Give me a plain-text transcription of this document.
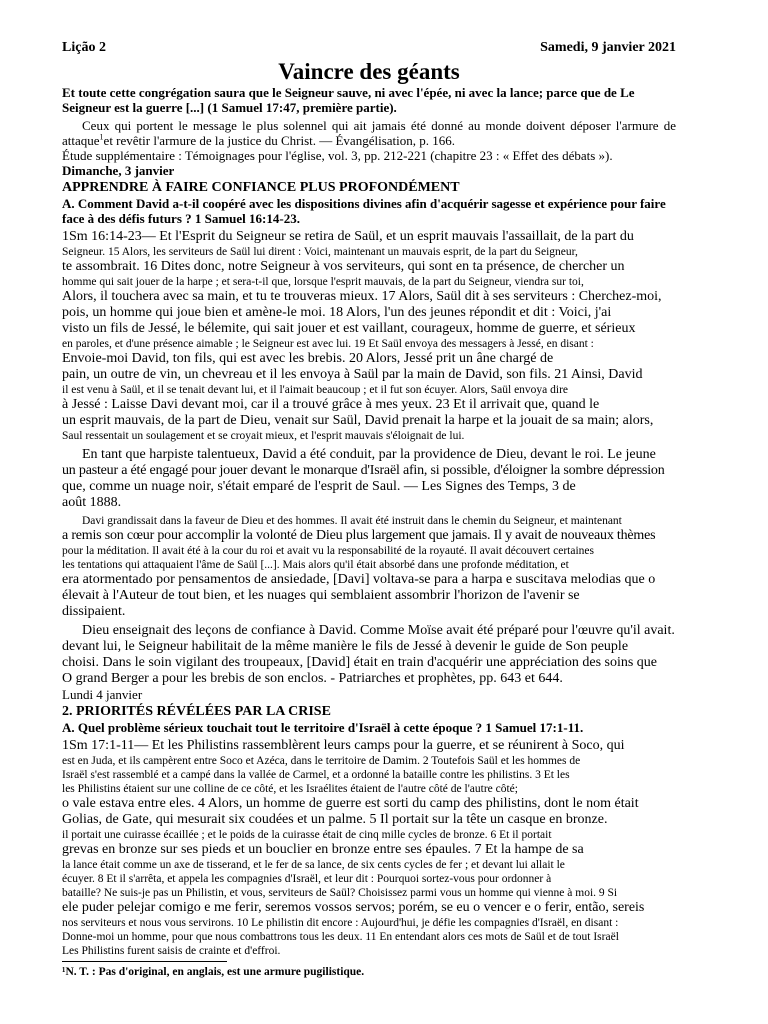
Lição 2	Samedi, 9 janvier 2021
Vaincre des géants

Et toute cette congrégation saura que le Seigneur sauve, ni avec l'épée, ni avec la lance; parce que de Le Seigneur est la guerre [...] (1 Samuel 17:47, première partie).

Ceux qui portent le message le plus solennel qui ait jamais été donné au monde doivent déposer l'armure de attaque$^1$et revêtir l'armure de la justice du Christ. — Évangélisation, p. 166.

Étude supplémentaire : Témoignages pour l'église, vol. 3, pp. 212-221 (chapitre 23 : « Effet des débats »).

Dimanche, 3 janvier
APPRENDRE À FAIRE CONFIANCE PLUS PROFONDÉMENT

A. Comment David a-t-il coopéré avec les dispositions divines afin d'acquérir sagesse et expérience pour faire face à des défis futurs ? 1 Samuel 16:14-23.

1Sm 16:14-23— Et l'Esprit du Seigneur se retira de Saül, et un esprit mauvais l'assaillait, de la part du
Seigneur. 15 Alors, les serviteurs de Saül lui dirent : Voici, maintenant un mauvais esprit, de la part du Seigneur,
te assombrait. 16 Dites donc, notre Seigneur à vos serviteurs, qui sont en ta présence, de chercher un
homme qui sait jouer de la harpe ; et sera-t-il que, lorsque l'esprit mauvais, de la part du Seigneur, viendra sur toi,
Alors, il touchera avec sa main, et tu te trouveras mieux. 17 Alors, Saül dit à ses serviteurs : Cherchez-moi,
pois, un homme qui joue bien et amène-le moi. 18 Alors, l'un des jeunes répondit et dit : Voici, j'ai
visto un fils de Jessé, le bélemite, qui sait jouer et est vaillant, courageux, homme de guerre, et sérieux
en paroles, et d'une présence aimable ; le Seigneur est avec lui. 19 Et Saül envoya des messagers à Jessé, en disant :
Envoie-moi David, ton fils, qui est avec les brebis. 20 Alors, Jessé prit un âne chargé de
pain, un outre de vin, un chevreau et il les envoya à Saül par la main de David, son fils. 21 Ainsi, David
il est venu à Saül, et il se tenait devant lui, et il l'aimait beaucoup ; et il fut son écuyer. Alors, Saül envoya dire
à Jessé : Laisse Davi devant moi, car il a trouvé grâce à mes yeux. 23 Et il arrivait que, quand le
un esprit mauvais, de la part de Dieu, venait sur Saül, David prenait la harpe et la jouait de sa main; alors,
Saul ressentait un soulagement et se croyait mieux, et l'esprit mauvais s'éloignait de lui.
En tant que harpiste talentueux, David a été conduit, par la providence de Dieu, devant le roi. Le jeune
un pasteur a été engagé pour jouer devant le monarque d'Israël afin, si possible, d'éloigner la sombre dépression
que, comme un nuage noir, s'était emparé de l'esprit de Saul. — Les Signes des Temps, 3 de
août 1888.
Davi grandissait dans la faveur de Dieu et des hommes. Il avait été instruit dans le chemin du Seigneur, et maintenant
a remis son cœur pour accomplir la volonté de Dieu plus largement que jamais. Il y avait de nouveaux thèmes
pour la méditation. Il avait été à la cour du roi et avait vu la responsabilité de la royauté. Il avait découvert certaines
les tentations qui attaquaient l'âme de Saül [...]. Mais alors qu'il était absorbé dans une profonde méditation, et
era atormentado por pensamentos de ansiedade, [Davi] voltava-se para a harpa e suscitava melodias que o
élevait à l'Auteur de tout bien, et les nuages qui semblaient assombrir l'horizon de l'avenir se
dissipaient.
Dieu enseignait des leçons de confiance à David. Comme Moïse avait été préparé pour l'œuvre qu'il avait.
devant lui, le Seigneur habilitait de la même manière le fils de Jessé à devenir le guide de Son peuple
choisi. Dans le soin vigilant des troupeaux, [David] était en train d'acquérir une appréciation des soins que
O grand Berger a pour les brebis de son enclos. - Patriarches et prophètes, pp. 643 et 644.
Lundi 4 janvier
2. PRIORITÉS RÉVÉLÉES PAR LA CRISE

A. Quel problème sérieux touchait tout le territoire d'Israël à cette époque ? 1 Samuel 17:1-11.

1Sm 17:1-11— Et les Philistins rassemblèrent leurs camps pour la guerre, et se réunirent à Soco, qui
est en Juda, et ils campèrent entre Soco et Azéca, dans le territoire de Damim. 2 Toutefois Saül et les hommes de
Israël s'est rassemblé et a campé dans la vallée de Carmel, et a ordonné la bataille contre les philistins. 3 Et les
les Philistins étaient sur une colline de ce côté, et les Israélites étaient de l'autre côté de l'autre côté;
o vale estava entre eles. 4 Alors, un homme de guerre est sorti du camp des philistins, dont le nom était
Golias, de Gate, qui mesurait six coudées et un palme. 5 Il portait sur la tête un casque en bronze.
il portait une cuirasse écaillée ; et le poids de la cuirasse était de cinq mille cycles de bronze. 6 Et il portait
grevas en bronze sur ses pieds et un bouclier en bronze entre ses épaules. 7 Et la hampe de sa
la lance était comme un axe de tisserand, et le fer de sa lance, de six cents cycles de fer ; et devant lui allait le
écuyer. 8 Et il s'arrêta, et appela les compagnies d'Israël, et leur dit : Pourquoi sortez-vous pour ordonner à
bataille? Ne suis-je pas un Philistin, et vous, serviteurs de Saül? Choisissez parmi vous un homme qui vienne à moi. 9 Si
ele puder pelejar comigo e me ferir, seremos vossos servos; porém, se eu o vencer e o ferir, então, sereis
nos serviteurs et nous vous servirons. 10 Le philistin dit encore : Aujourd'hui, je défie les compagnies d'Israël, en disant :
Donne-moi un homme, pour que nous combattrons tous les deux. 11 En entendant alors ces mots de Saül et de tout Israël
Les Philistins furent saisis de crainte et d'effroi.
¹N. T. : Pas d'original, en anglais, est une armure pugilistique.
